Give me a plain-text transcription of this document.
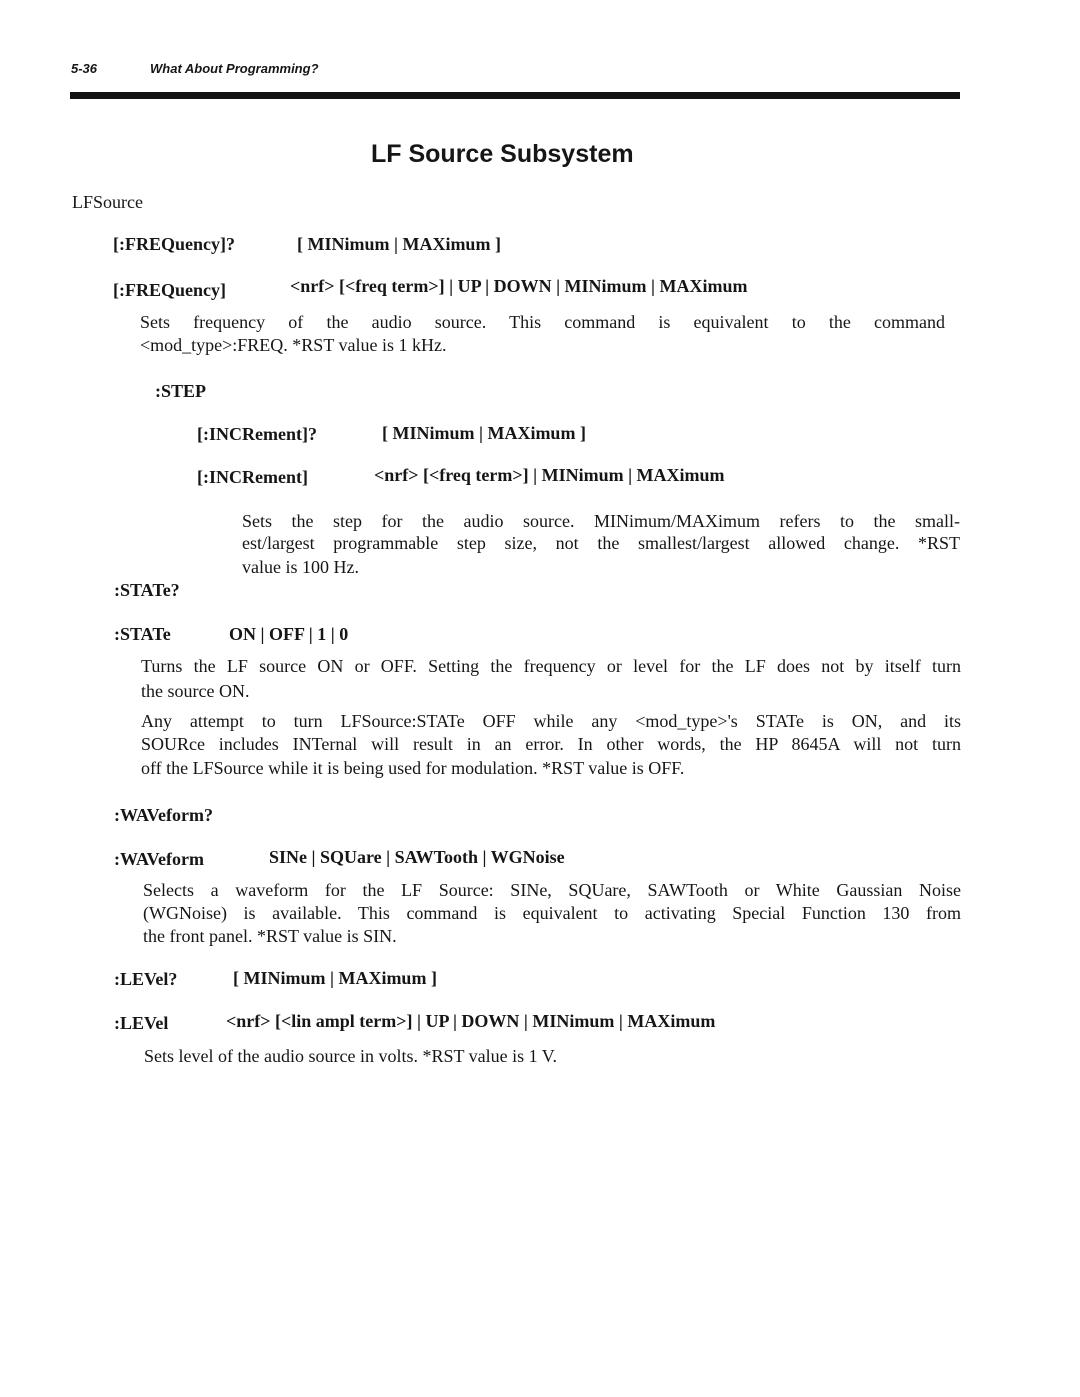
5-36	What About Programming?
LF Source Subsystem
LFSource
[:FREQuency]?	[ MINimum | MAXimum ]
[:FREQuency]	<nrf> [<freq term>] | UP | DOWN | MINimum | MAXimum
Sets frequency of the audio source. This command is equivalent to the command
<mod_type>:FREQ. *RST value is 1 kHz.
:STEP
[:INCRement]?	[ MINimum | MAXimum ]
[:INCRement]	<nrf> [<freq term>] | MINimum | MAXimum
Sets the step for the audio source. MINimum/MAXimum refers to the small-
est/largest programmable step size, not the smallest/largest allowed change. *RST
value is 100 Hz.
:STATe?
:STATe	ON | OFF | 1 | 0
Turns the LF source ON or OFF. Setting the frequency or level for the LF does not by itself turn
the source ON.
Any attempt to turn LFSource:STATe OFF while any <mod_type>'s STATe is ON, and its
SOURce includes INTernal will result in an error. In other words, the HP 8645A will not turn
off the LFSource while it is being used for modulation. *RST value is OFF.
:WAVeform?
:WAVeform	SINe | SQUare | SAWTooth | WGNoise
Selects a waveform for the LF Source: SINe, SQUare, SAWTooth or White Gaussian Noise
(WGNoise) is available. This command is equivalent to activating Special Function 130 from
the front panel. *RST value is SIN.
:LEVel?	[ MINimum | MAXimum ]
:LEVel	<nrf> [<lin ampl term>] | UP | DOWN | MINimum | MAXimum
Sets level of the audio source in volts. *RST value is 1 V.
